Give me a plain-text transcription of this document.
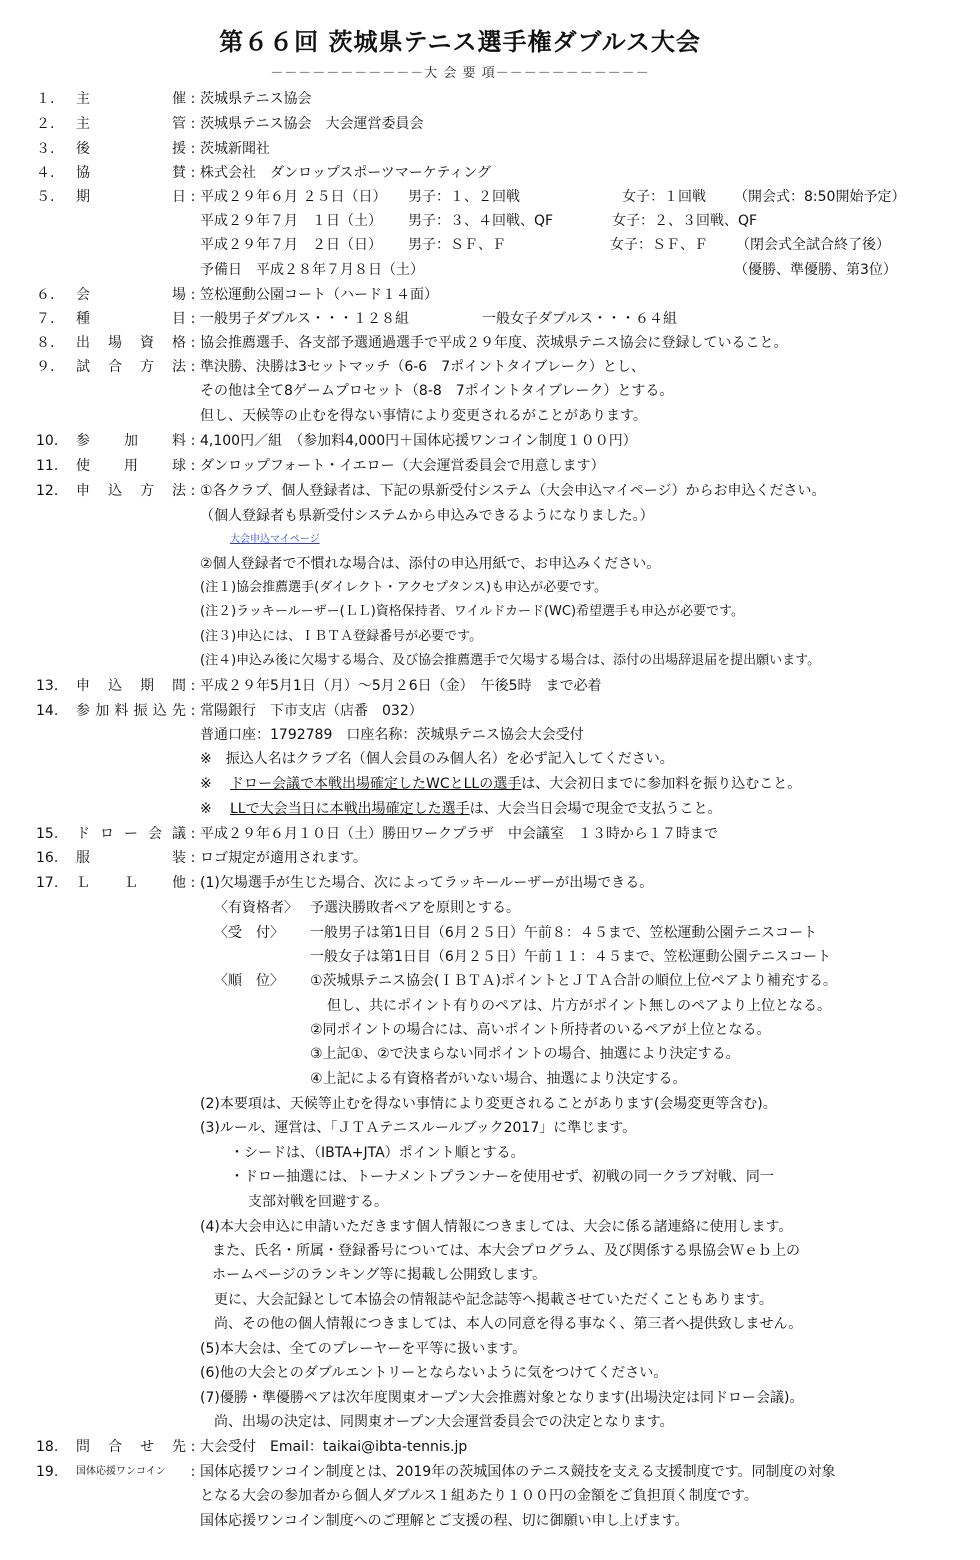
第６６回 茨城県テニス選手権ダブルス大会
－－－－－－－－－－－大 会 要 項－－－－－－－－－－－
１.	主	催 : 茨城県テニス協会
２.	主	管 : 茨城県テニス協会　大会運営委員会
３.	後	援 : 茨城新聞社
４.	協	賛 : 株式会社　ダンロップスポーツマーケティング
５.	期	日 : 平成２９年６月 ２５日（日） 男子：１、２回戦	女子：１回戦 （開会式：8:50開始予定）
平成２９年７月　１日（土） 男子：３、４回戦、QF	女子：２、３回戦、QF
平成２９年７月　２日（日） 男子：ＳＦ、Ｆ	女子：ＳＦ、Ｆ （閉会式全試合終了後）
予備日　平成２８年７月８日（土）	（優勝、準優勝、第3位）
６.	会	場 : 笠松運動公園コート（ハード１４面）
７.	種	目 : 一般男子ダブルス・・・１２８組	一般女子ダブルス・・・６４組
８.	出 場 資 格 : 協会推薦選手、各支部予選通過選手で平成２９年度、茨城県テニス協会に登録していること。
９.	試 合 方 法 : 準決勝、決勝は3セットマッチ（6-6　7ポイントタイブレーク）とし、
その他は全て8ゲームプロセット（8-8　7ポイントタイブレーク）とする。
但し、天候等の止むを得ない事情により変更されるがことがあります。
10.	参 加 料 : 4,100円／組　（参加料4,000円＋国体応援ワンコイン制度１００円）
11.	使 用 球 : ダンロップフォート・イエロー（大会運営委員会で用意します）
12.	申 込 方 法 : ①各クラブ、個人登録者は、下記の県新受付システム（大会申込マイページ）からお申込ください。
（個人登録者も県新受付システムから申込みできるようになりました。）
大会申込マイページ
②個人登録者で不慣れな場合は、添付の申込用紙で、お申込みください。
(注１)協会推薦選手(ダイレクト・アクセプタンス)も申込が必要です。
(注２)ラッキールーザー(ＬＬ)資格保持者、ワイルドカード(WC)希望選手も申込が必要です。
(注３)申込には、ＩＢＴＡ登録番号が必要です。
(注４)申込み後に欠場する場合、及び協会推薦選手で欠場する場合は、添付の出場辞退届を提出願います。
13.	申 込 期 間 : 平成２９年5月1日（月）～5月２6日（金）　午後5時　まで必着
14.	参 加 料 振 込 先 : 常陽銀行　下市支店（店番　032）
普通口座：1792789　口座名称：茨城県テニス協会大会受付
※　振込人名はクラブ名（個人会員のみ個人名）を必ず記入してください。
※ ドロー会議で本戦出場確定したWCとLLの選手は、大会初日までに参加料を振り込むこと。
※ LLで大会当日に本戦出場確定した選手は、大会当日会場で現金で支払うこと。
15.	ド ロ ー 会 議 : 平成２９年６月１０日（土）勝田ワークプラザ　中会議室　１３時から１７時まで
16.	服	装 : ロゴ規定が適用されます。
17.	Ｌ Ｌ 他 : (1)欠場選手が生じた場合、次によってラッキールーザーが出場できる。
〈有資格者〉 予選決勝敗者ペアを原則とする。
〈受　付〉 一般男子は第1日目（6月２５日）午前８：４５まで、笠松運動公園テニスコート
一般女子は第1日目（6月２５日）午前１１：４５まで、笠松運動公園テニスコート
〈順　位〉 ①茨城県テニス協会(ＩＢＴＡ)ポイントとＪＴＡ合計の順位上位ペアより補充する。
但し、共にポイント有りのペアは、片方がポイント無しのペアより上位となる。
②同ポイントの場合には、高いポイント所持者のいるペアが上位となる。
③上記①、②で決まらない同ポイントの場合、抽選により決定する。
④上記による有資格者がいない場合、抽選により決定する。
(2)本要項は、天候等止むを得ない事情により変更されることがあります(会場変更等含む)。
(3)ルール、運営は、「ＪＴＡテニスルールブック2017」に準じます。
・シードは、（IBTA+JTA）ポイント順とする。
・ドロー抽選には、トーナメントプランナーを使用せず、初戦の同一クラブ対戦、同一
支部対戦を回避する。
(4)本大会申込に申請いただきます個人情報につきましては、大会に係る諸連絡に使用します。
また、氏名・所属・登録番号については、本大会プログラム、及び関係する県協会Ｗｅｂ上の
ホームページのランキング等に掲載し公開致します。
更に、大会記録として本協会の情報誌や記念誌等へ掲載させていただくこともあります。
尚、その他の個人情報につきましては、本人の同意を得る事なく、第三者へ提供致しません。
(5)本大会は、全てのプレーヤーを平等に扱います。
(6)他の大会とのダブルエントリーとならないように気をつけてください。
(7)優勝・準優勝ペアは次年度関東オープン大会推薦対象となります(出場決定は同ドロー会議)。
尚、出場の決定は、同関東オープン大会運営委員会での決定となります。
18.	問 合 せ 先 : 大会受付　Email：taikai@ibta-tennis.jp
19.	国体応援ワンコイン	: 国体応援ワンコイン制度とは、2019年の茨城国体のテニス競技を支える支援制度です。同制度の対象
となる大会の参加者から個人ダブルス１組あたり１００円の金額をご負担頂く制度です。
国体応援ワンコイン制度へのご理解とご支援の程、切に御願い申し上げます。
